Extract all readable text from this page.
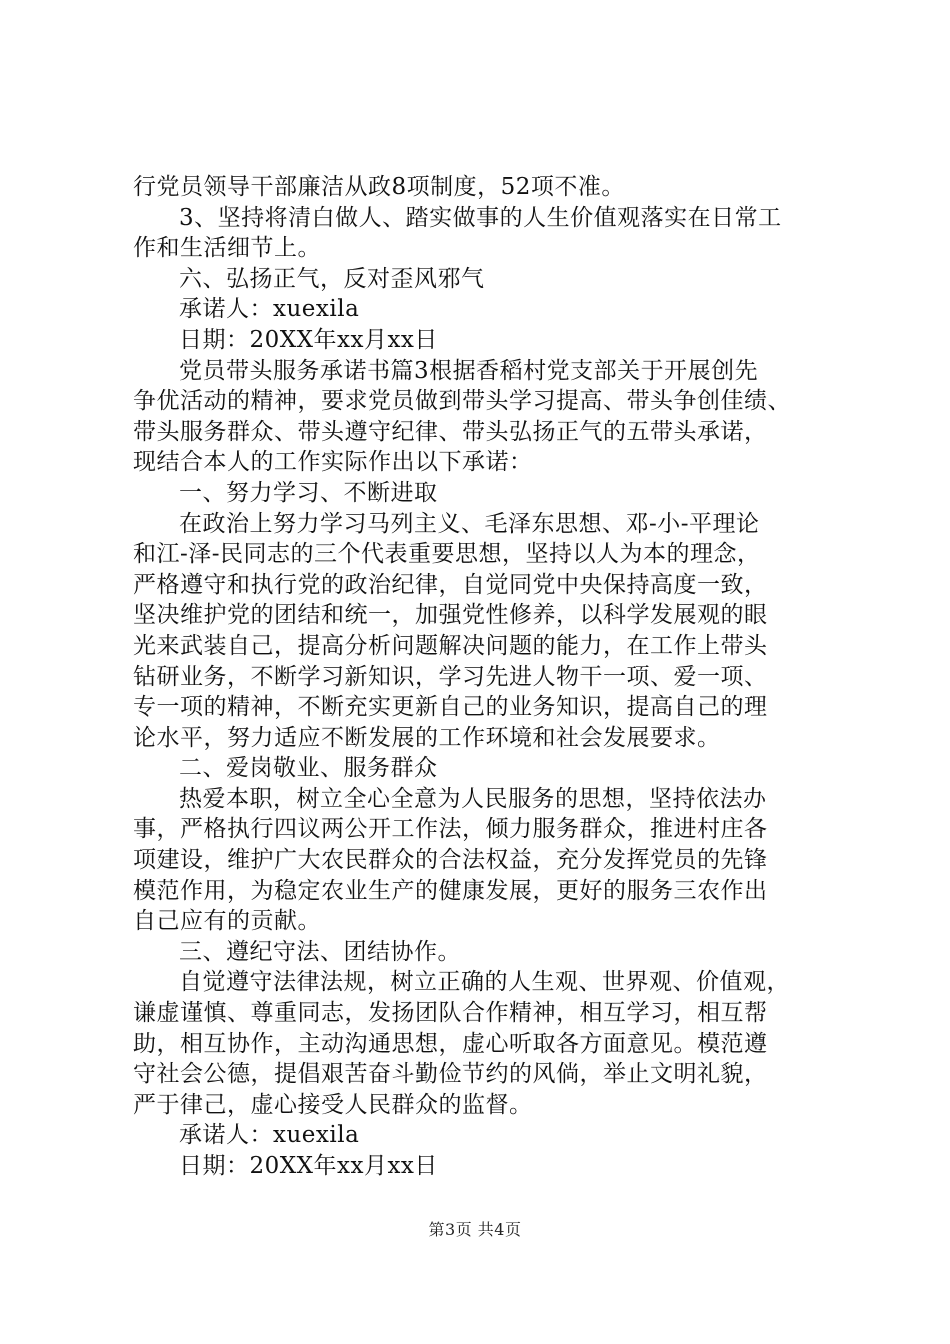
行党员领导干部廉洁从政8项制度，52项不准。
3、坚持将清白做人、踏实做事的人生价值观落实在日常工
作和生活细节上。
六、弘扬正气，反对歪风邪气
承诺人：xuexila
日期：20XX年xx月xx日
党员带头服务承诺书篇3根据香稻村党支部关于开展创先
争优活动的精神，要求党员做到带头学习提高、带头争创佳绩、
带头服务群众、带头遵守纪律、带头弘扬正气的五带头承诺，
现结合本人的工作实际作出以下承诺：
一、努力学习、不断进取
在政治上努力学习马列主义、毛泽东思想、邓-小-平理论
和江-泽-民同志的三个代表重要思想，坚持以人为本的理念，
严格遵守和执行党的政治纪律，自觉同党中央保持高度一致，
坚决维护党的团结和统一，加强党性修养，以科学发展观的眼
光来武装自己，提高分析问题解决问题的能力，在工作上带头
钻研业务，不断学习新知识，学习先进人物干一项、爱一项、
专一项的精神，不断充实更新自己的业务知识，提高自己的理
论水平，努力适应不断发展的工作环境和社会发展要求。
二、爱岗敬业、服务群众
热爱本职，树立全心全意为人民服务的思想，坚持依法办
事，严格执行四议两公开工作法，倾力服务群众，推进村庄各
项建设，维护广大农民群众的合法权益，充分发挥党员的先锋
模范作用，为稳定农业生产的健康发展，更好的服务三农作出
自己应有的贡献。
三、遵纪守法、团结协作。
自觉遵守法律法规，树立正确的人生观、世界观、价值观，
谦虚谨慎、尊重同志，发扬团队合作精神，相互学习，相互帮
助，相互协作，主动沟通思想，虚心听取各方面意见。模范遵
守社会公德，提倡艰苦奋斗勤俭节约的风倘，举止文明礼貌，
严于律己，虚心接受人民群众的监督。
承诺人：xuexila
日期：20XX年xx月xx日
第3页 共4页
